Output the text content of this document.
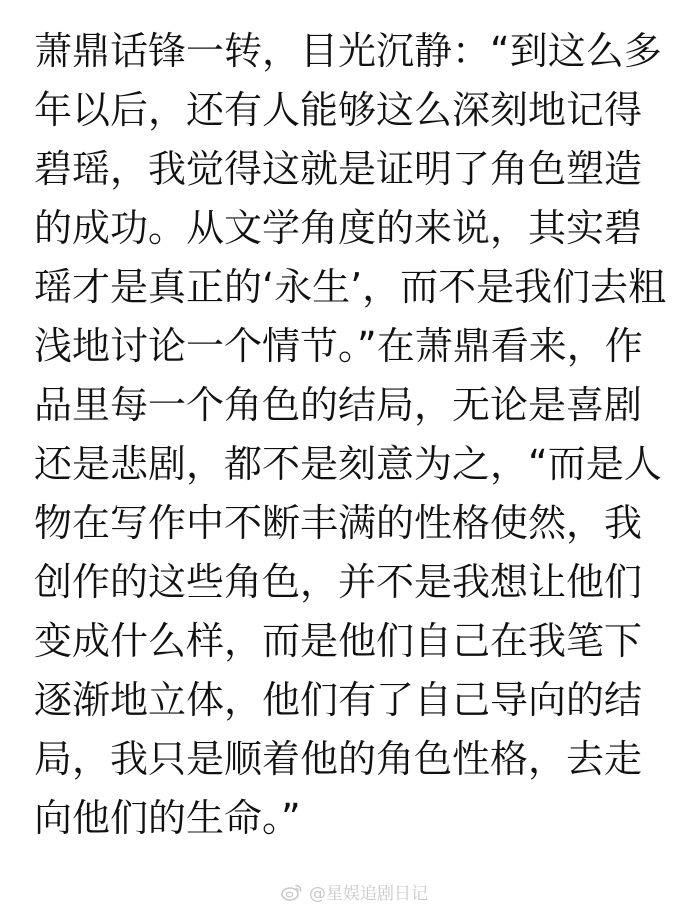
萧鼎话锋一转，目光沉静：“到这么多
年以后，还有人能够这么深刻地记得
碧瑶，我觉得这就是证明了角色塑造
的成功。从文学角度的来说，其实碧
瑶才是真正的‘永生’，而不是我们去粗
浅地讨论一个情节。”在萧鼎看来，作
品里每一个角色的结局，无论是喜剧
还是悲剧，都不是刻意为之，“而是人
物在写作中不断丰满的性格使然，我
创作的这些角色，并不是我想让他们
变成什么样，而是他们自己在我笔下
逐渐地立体，他们有了自己导向的结
局，我只是顺着他的角色性格，去走
向他们的生命。”
@星娱追剧日记
